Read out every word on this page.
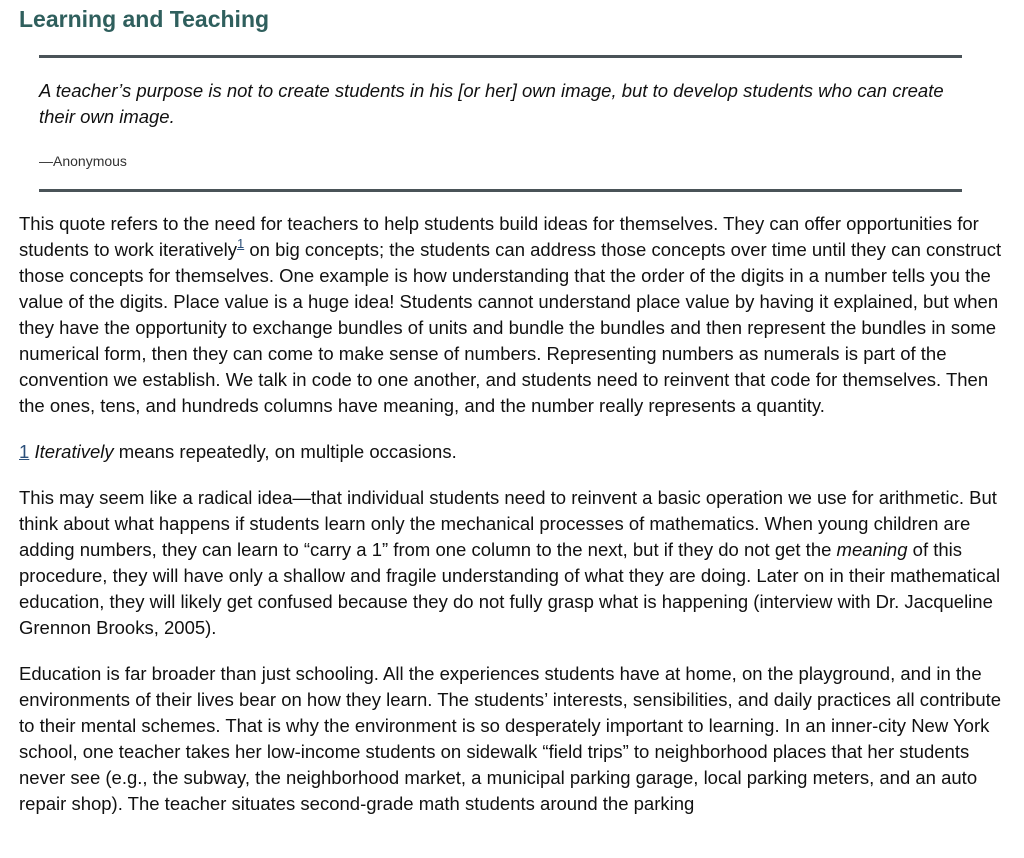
Learning and Teaching

A teacher’s purpose is not to create students in his [or her] own image, but to develop students who can create their own image.

—Anonymous

This quote refers to the need for teachers to help students build ideas for themselves. They can offer opportunities for students to work iteratively$^1$ on big concepts; the students can address those concepts over time until they can construct those concepts for themselves. One example is how understanding that the order of the digits in a number tells you the value of the digits. Place value is a huge idea! Students cannot understand place value by having it explained, but when they have the opportunity to exchange bundles of units and bundle the bundles and then represent the bundles in some numerical form, then they can come to make sense of numbers. Representing numbers as numerals is part of the convention we establish. We talk in code to one another, and students need to reinvent that code for themselves. Then the ones, tens, and hundreds columns have meaning, and the number really represents a quantity.

1 Iteratively means repeatedly, on multiple occasions.

This may seem like a radical idea—that individual students need to reinvent a basic operation we use for arithmetic. But think about what happens if students learn only the mechanical processes of mathematics. When young children are adding numbers, they can learn to “carry a 1” from one column to the next, but if they do not get the meaning of this procedure, they will have only a shallow and fragile understanding of what they are doing. Later on in their mathematical education, they will likely get confused because they do not fully grasp what is happening (interview with Dr. Jacqueline Grennon Brooks, 2005).

Education is far broader than just schooling. All the experiences students have at home, on the playground, and in the environments of their lives bear on how they learn. The students’ interests, sensibilities, and daily practices all contribute to their mental schemes. That is why the environment is so desperately important to learning. In an inner-city New York school, one teacher takes her low-income students on sidewalk “field trips” to neighborhood places that her students never see (e.g., the subway, the neighborhood market, a municipal parking garage, local parking meters, and an auto repair shop). The teacher situates second-grade math students around the parking
